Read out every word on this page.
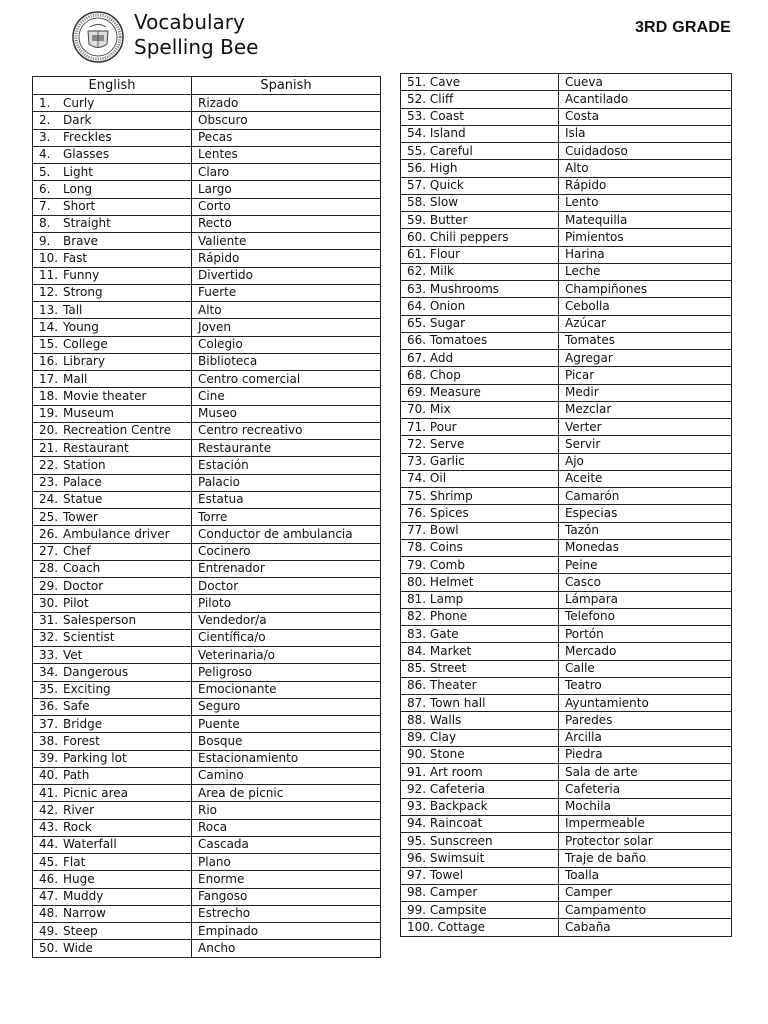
Vocabulary
Spelling Bee
3RD GRADE
English	Spanish
1. Curly	Rizado
2. Dark	Obscuro
3. Freckles	Pecas
4. Glasses	Lentes
5. Light	Claro
6. Long	Largo
7. Short	Corto
8. Straight	Recto
9. Brave	Valiente
10. Fast	Rápido
11. Funny	Divertido
12. Strong	Fuerte
13. Tall	Alto
14. Young	Joven
15. College	Colegio
16. Library	Biblioteca
17. Mall	Centro comercial
18. Movie theater	Cine
19. Museum	Museo
20. Recreation Centre	Centro recreativo
21. Restaurant	Restaurante
22. Station	Estación
23. Palace	Palacio
24. Statue	Estatua
25. Tower	Torre
26. Ambulance driver	Conductor de ambulancia
27. Chef	Cocinero
28. Coach	Entrenador
29. Doctor	Doctor
30. Pilot	Piloto
31. Salesperson	Vendedor/a
32. Scientist	Científica/o
33. Vet	Veterinaria/o
34. Dangerous	Peligroso
35. Exciting	Emocionante
36. Safe	Seguro
37. Bridge	Puente
38. Forest	Bosque
39. Parking lot	Estacionamiento
40. Path	Camino
41. Picnic area	Area de picnic
42. River	Rio
43. Rock	Roca
44. Waterfall	Cascada
45. Flat	Plano
46. Huge	Enorme
47. Muddy	Fangoso
48. Narrow	Estrecho
49. Steep	Empinado
50. Wide	Ancho
51. Cave	Cueva
52. Cliff	Acantilado
53. Coast	Costa
54. Island	Isla
55. Careful	Cuidadoso
56. High	Alto
57. Quick	Rápido
58. Slow	Lento
59. Butter	Matequilla
60. Chili peppers	Pimientos
61. Flour	Harina
62. Milk	Leche
63. Mushrooms	Champiñones
64. Onion	Cebolla
65. Sugar	Azúcar
66. Tomatoes	Tomates
67. Add	Agregar
68. Chop	Picar
69. Measure	Medir
70. Mix	Mezclar
71. Pour	Verter
72. Serve	Servir
73. Garlic	Ajo
74. Oil	Aceite
75. Shrimp	Camarón
76. Spices	Especias
77. Bowl	Tazón
78. Coins	Monedas
79. Comb	Peine
80. Helmet	Casco
81. Lamp	Lámpara
82. Phone	Telefono
83. Gate	Portón
84. Market	Mercado
85. Street	Calle
86. Theater	Teatro
87. Town hall	Ayuntamiento
88. Walls	Paredes
89. Clay	Arcilla
90. Stone	Piedra
91. Art room	Sala de arte
92. Cafeteria	Cafeteria
93. Backpack	Mochila
94. Raincoat	Impermeable
95. Sunscreen	Protector solar
96. Swimsuit	Traje de baño
97. Towel	Toalla
98. Camper	Camper
99. Campsite	Campamento
100. Cottage	Cabaña
